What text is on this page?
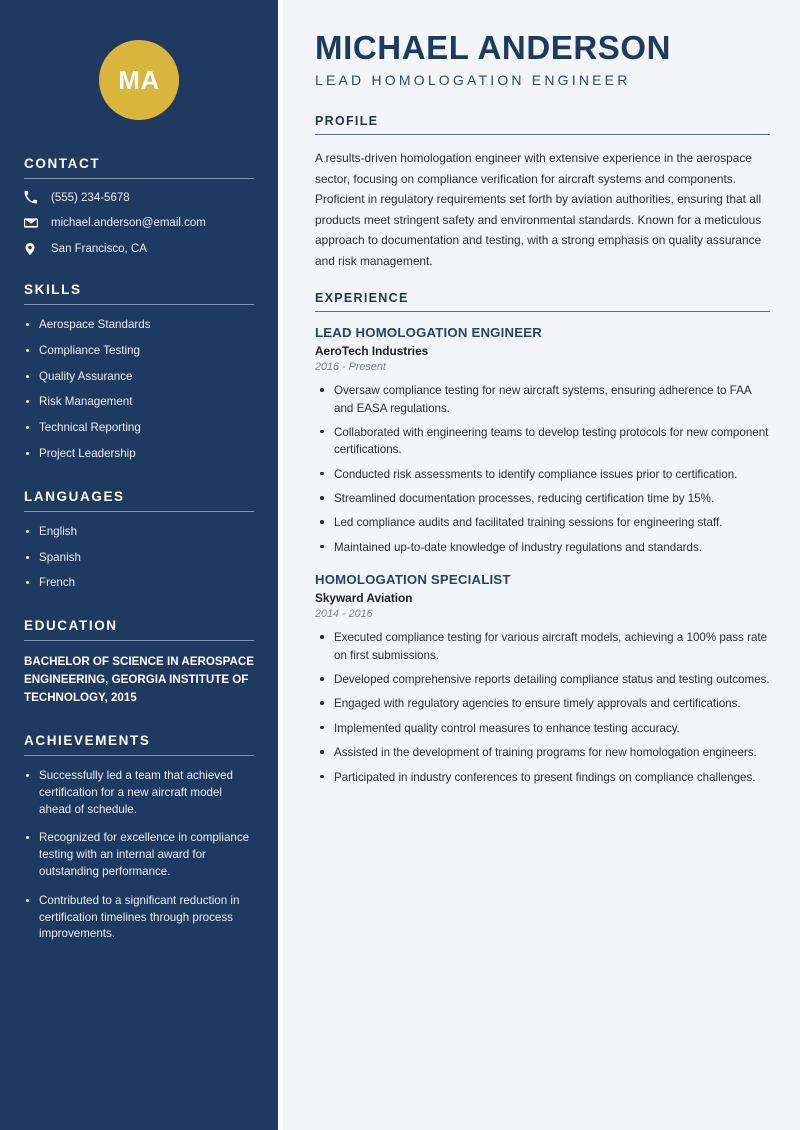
MA
CONTACT
(555) 234-5678
michael.anderson@email.com
San Francisco, CA
SKILLS
Aerospace Standards
Compliance Testing
Quality Assurance
Risk Management
Technical Reporting
Project Leadership
LANGUAGES
English
Spanish
French
EDUCATION

BACHELOR OF SCIENCE IN AEROSPACE ENGINEERING, GEORGIA INSTITUTE OF TECHNOLOGY, 2015

ACHIEVEMENTS
Successfully led a team that achieved certification for a new aircraft model ahead of schedule.
Recognized for excellence in compliance testing with an internal award for outstanding performance.
Contributed to a significant reduction in certification timelines through process improvements.
MICHAEL ANDERSON
LEAD HOMOLOGATION ENGINEER
PROFILE

A results-driven homologation engineer with extensive experience in the aerospace sector, focusing on compliance verification for aircraft systems and components. Proficient in regulatory requirements set forth by aviation authorities, ensuring that all products meet stringent safety and environmental standards. Known for a meticulous approach to documentation and testing, with a strong emphasis on quality assurance and risk management.

EXPERIENCE
LEAD HOMOLOGATION ENGINEER
AeroTech Industries
2016 - Present
Oversaw compliance testing for new aircraft systems, ensuring adherence to FAA and EASA regulations.
Collaborated with engineering teams to develop testing protocols for new component certifications.
Conducted risk assessments to identify compliance issues prior to certification.
Streamlined documentation processes, reducing certification time by 15%.
Led compliance audits and facilitated training sessions for engineering staff.
Maintained up-to-date knowledge of industry regulations and standards.
HOMOLOGATION SPECIALIST
Skyward Aviation
2014 - 2016
Executed compliance testing for various aircraft models, achieving a 100% pass rate on first submissions.
Developed comprehensive reports detailing compliance status and testing outcomes.
Engaged with regulatory agencies to ensure timely approvals and certifications.
Implemented quality control measures to enhance testing accuracy.
Assisted in the development of training programs for new homologation engineers.
Participated in industry conferences to present findings on compliance challenges.
